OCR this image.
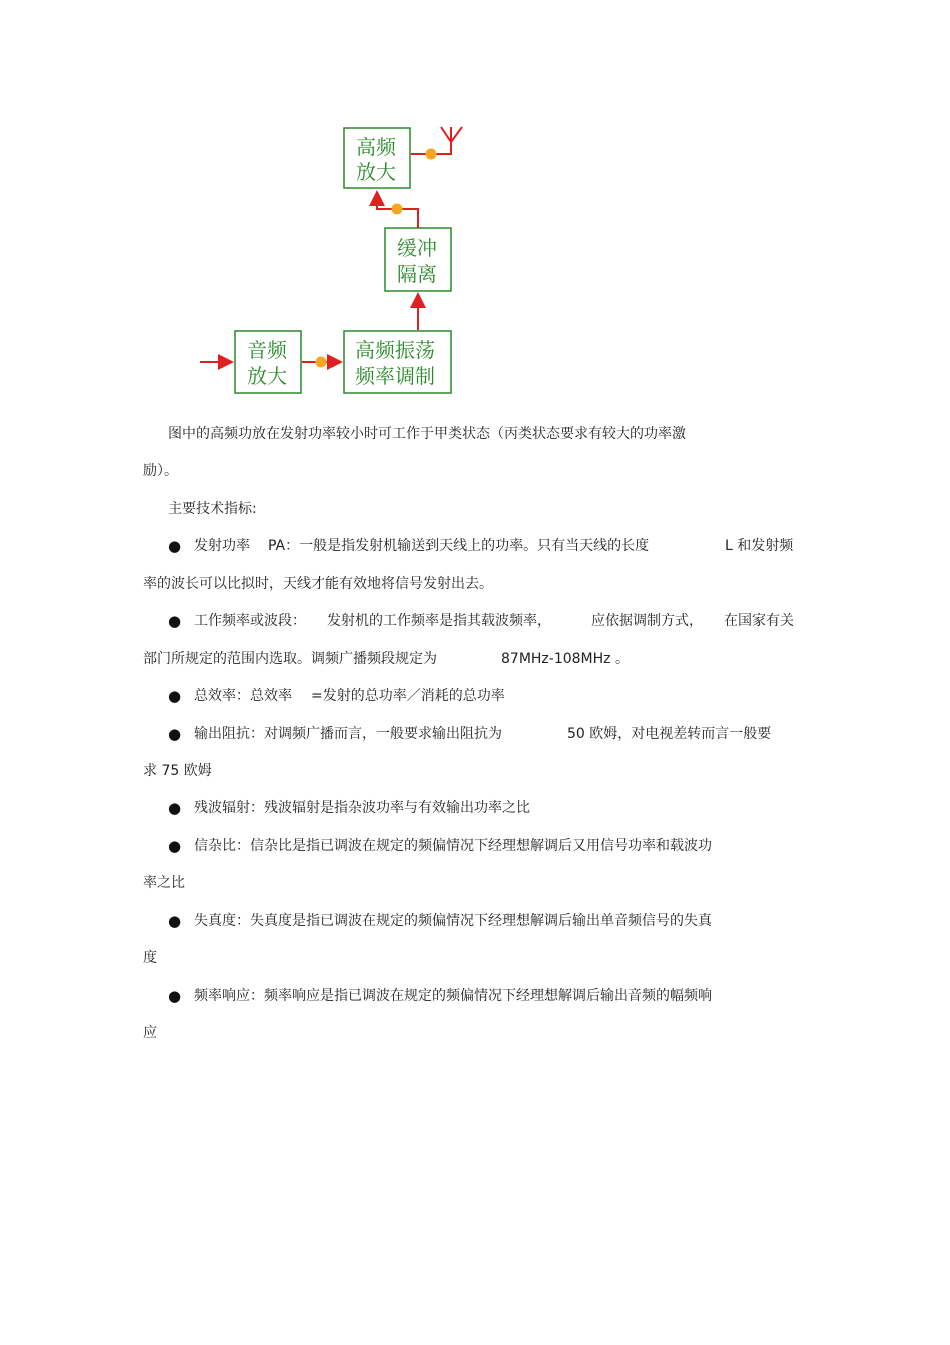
高频
放大
缓冲
隔离
音频
放大
高频振荡
频率调制
图中的高频功放在发射功率较小时可工作于甲类状态（丙类状态要求有较大的功率激
励）。
主要技术指标:
● 发射功率 PA：一般是指发射机输送到天线上的功率。只有当天线的长度	L 和发射频
率的波长可以比拟时，天线才能有效地将信号发射出去。
● 工作频率或波段： 发射机的工作频率是指其载波频率，	应依据调制方式， 在国家有关
部门所规定的范围内选取。调频广播频段规定为	87MHz-108MHz 。
● 总效率：总效率 =发射的总功率／消耗的总功率
● 输出阻抗：对调频广播而言，一般要求输出阻抗为	50 欧姆，对电视差转而言一般要
求 75 欧姆
● 残波辐射：残波辐射是指杂波功率与有效输出功率之比
● 信杂比：信杂比是指已调波在规定的频偏情况下经理想解调后又用信号功率和载波功
率之比
● 失真度：失真度是指已调波在规定的频偏情况下经理想解调后输出单音频信号的失真
度
● 频率响应：频率响应是指已调波在规定的频偏情况下经理想解调后输出音频的幅频响
应
